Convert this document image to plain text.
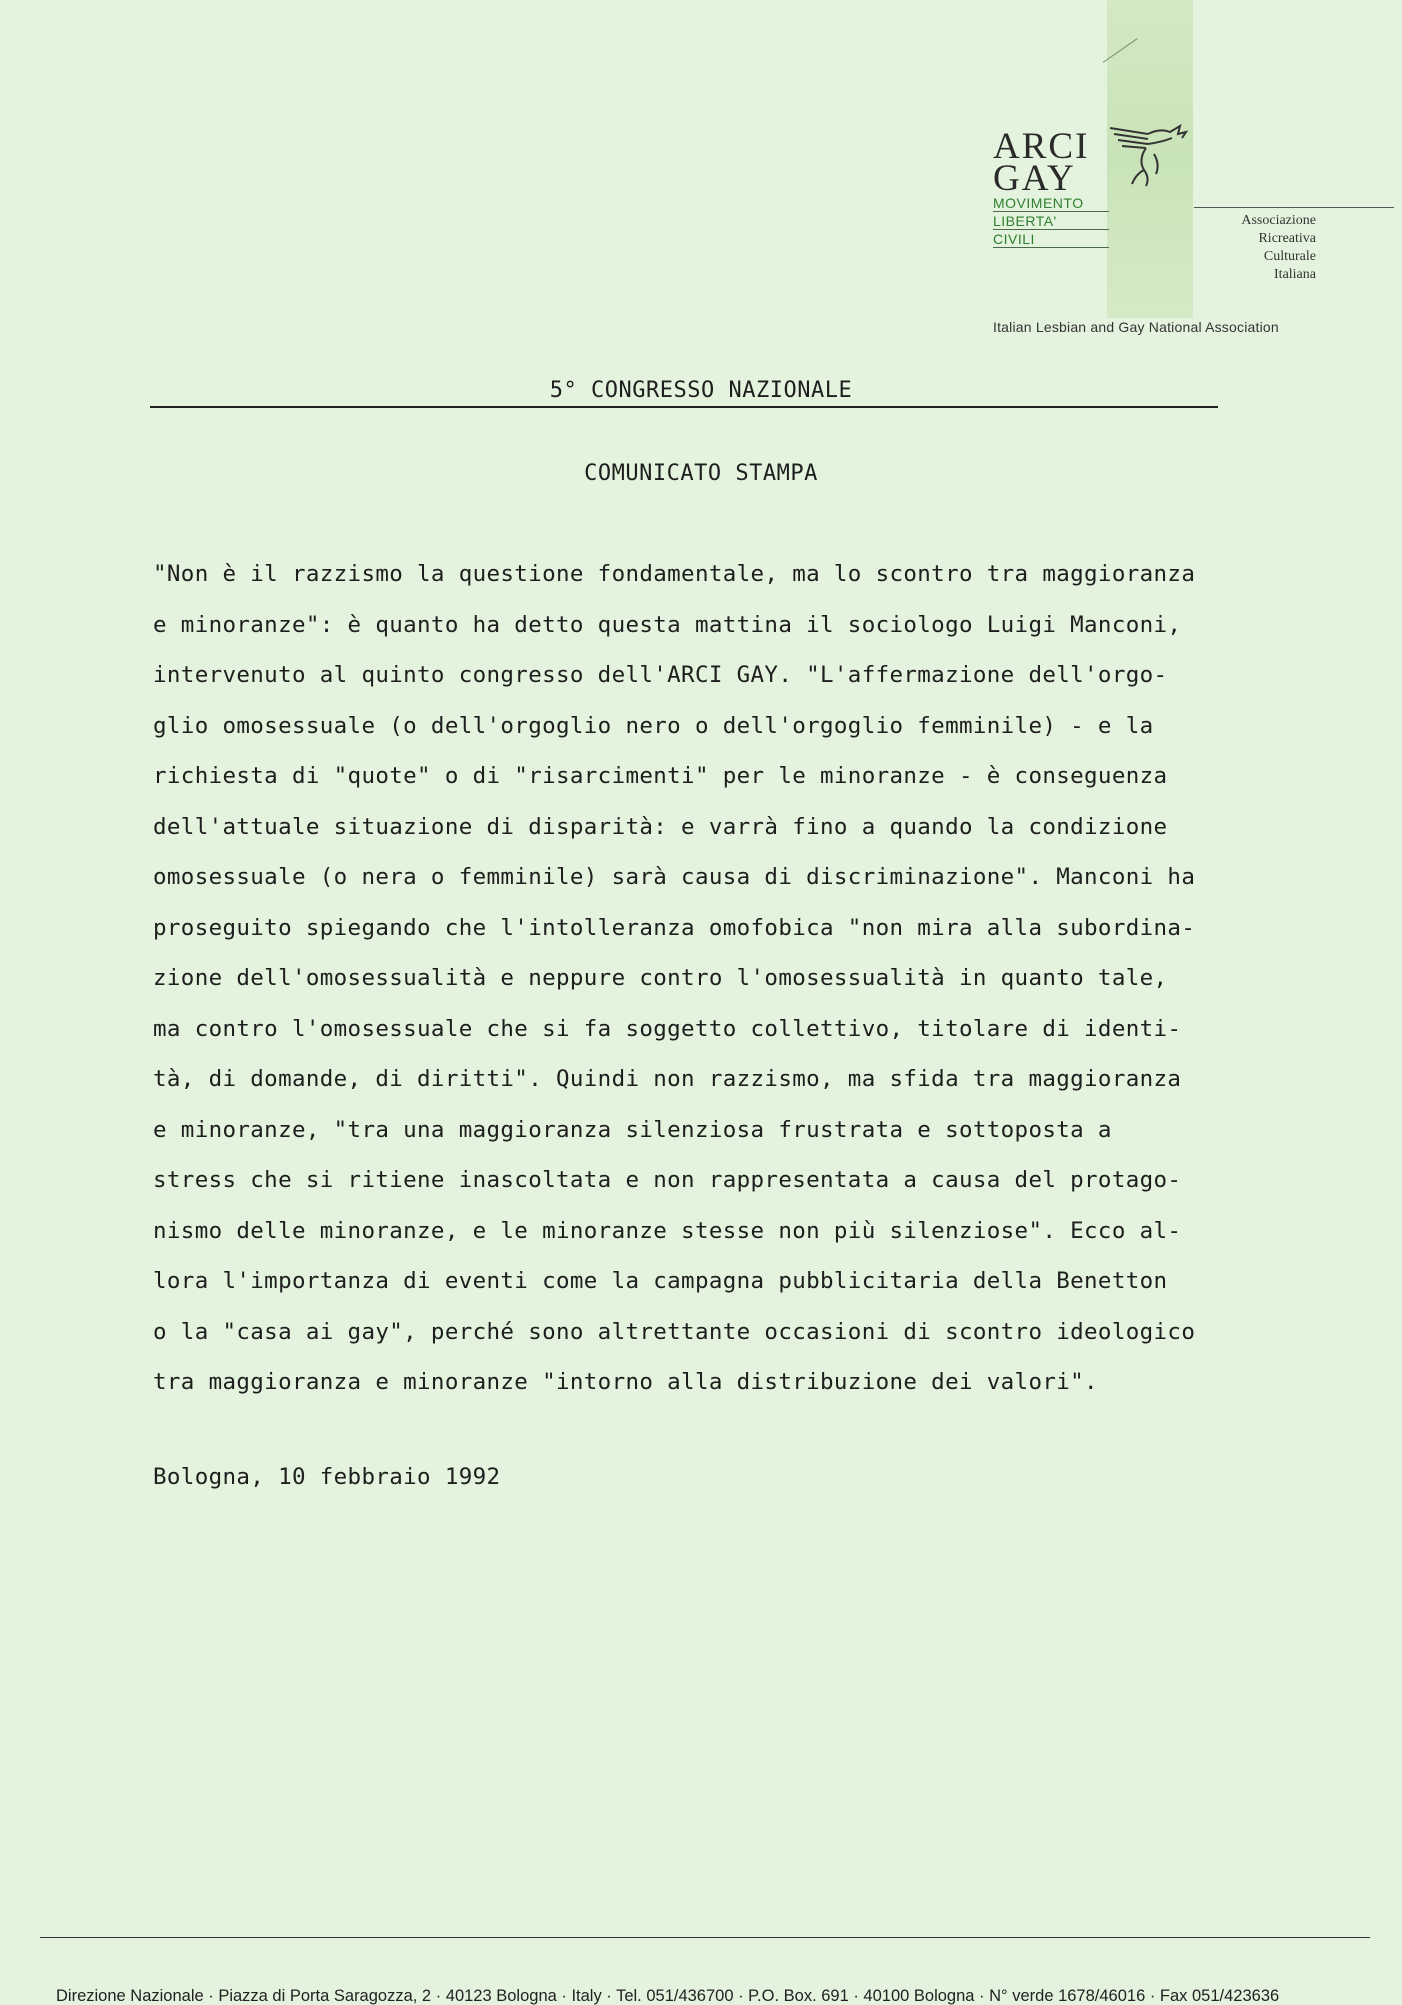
ARCI
GAY
MOVIMENTO
LIBERTA'
CIVILI
Associazione
Ricreativa
Culturale
Italiana
Italian Lesbian and Gay National Association
5° CONGRESSO NAZIONALE
COMUNICATO STAMPA
"Non è il razzismo la questione fondamentale, ma lo scontro tra maggioranza
e minoranze": è quanto ha detto questa mattina il sociologo Luigi Manconi,
intervenuto al quinto congresso dell'ARCI GAY. "L'affermazione dell'orgo-
glio omosessuale (o dell'orgoglio nero o dell'orgoglio femminile) - e la
richiesta di "quote" o di "risarcimenti" per le minoranze - è conseguenza
dell'attuale situazione di disparità: e varrà fino a quando la condizione
omosessuale (o nera o femminile) sarà causa di discriminazione". Manconi ha
proseguito spiegando che l'intolleranza omofobica "non mira alla subordina-
zione dell'omosessualità e neppure contro l'omosessualità in quanto tale,
ma contro l'omosessuale che si fa soggetto collettivo, titolare di identi-
tà, di domande, di diritti". Quindi non razzismo, ma sfida tra maggioranza
e minoranze, "tra una maggioranza silenziosa frustrata e sottoposta a
stress che si ritiene inascoltata e non rappresentata a causa del protago-
nismo delle minoranze, e le minoranze stesse non più silenziose". Ecco al-
lora l'importanza di eventi come la campagna pubblicitaria della Benetton
o la "casa ai gay", perché sono altrettante occasioni di scontro ideologico
tra maggioranza e minoranze "intorno alla distribuzione dei valori".
Bologna, 10 febbraio 1992
Direzione Nazionale · Piazza di Porta Saragozza, 2 · 40123 Bologna · Italy · Tel. 051/436700 · P.O. Box. 691 · 40100 Bologna · N° verde 1678/46016 · Fax 051/423636
